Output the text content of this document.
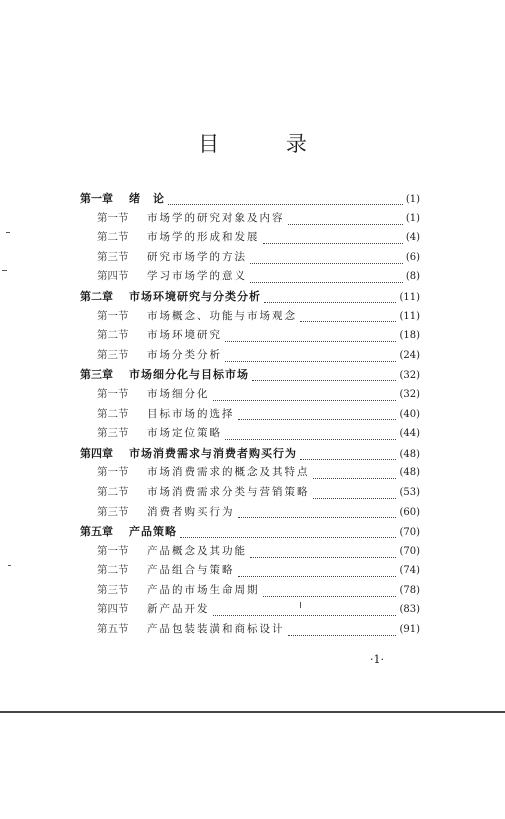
目 录
第一章	绪　论	(1)
第一节	市场学的研究对象及内容	(1)
第二节	市场学的形成和发展	(4)
第三节	研究市场学的方法	(6)
第四节	学习市场学的意义	(8)
第二章	市场环境研究与分类分析	(11)
第一节	市场概念、功能与市场观念	(11)
第二节	市场环境研究	(18)
第三节	市场分类分析	(24)
第三章	市场细分化与目标市场	(32)
第一节	市场细分化	(32)
第二节	目标市场的选择	(40)
第三节	市场定位策略	(44)
第四章	市场消费需求与消费者购买行为	(48)
第一节	市场消费需求的概念及其特点	(48)
第二节	市场消费需求分类与营销策略	(53)
第三节	消费者购买行为	(60)
第五章	产品策略	(70)
第一节	产品概念及其功能	(70)
第二节	产品组合与策略	(74)
第三节	产品的市场生命周期	(78)
第四节	新产品开发	(83)
第五节	产品包装装潢和商标设计	(91)
·1·
